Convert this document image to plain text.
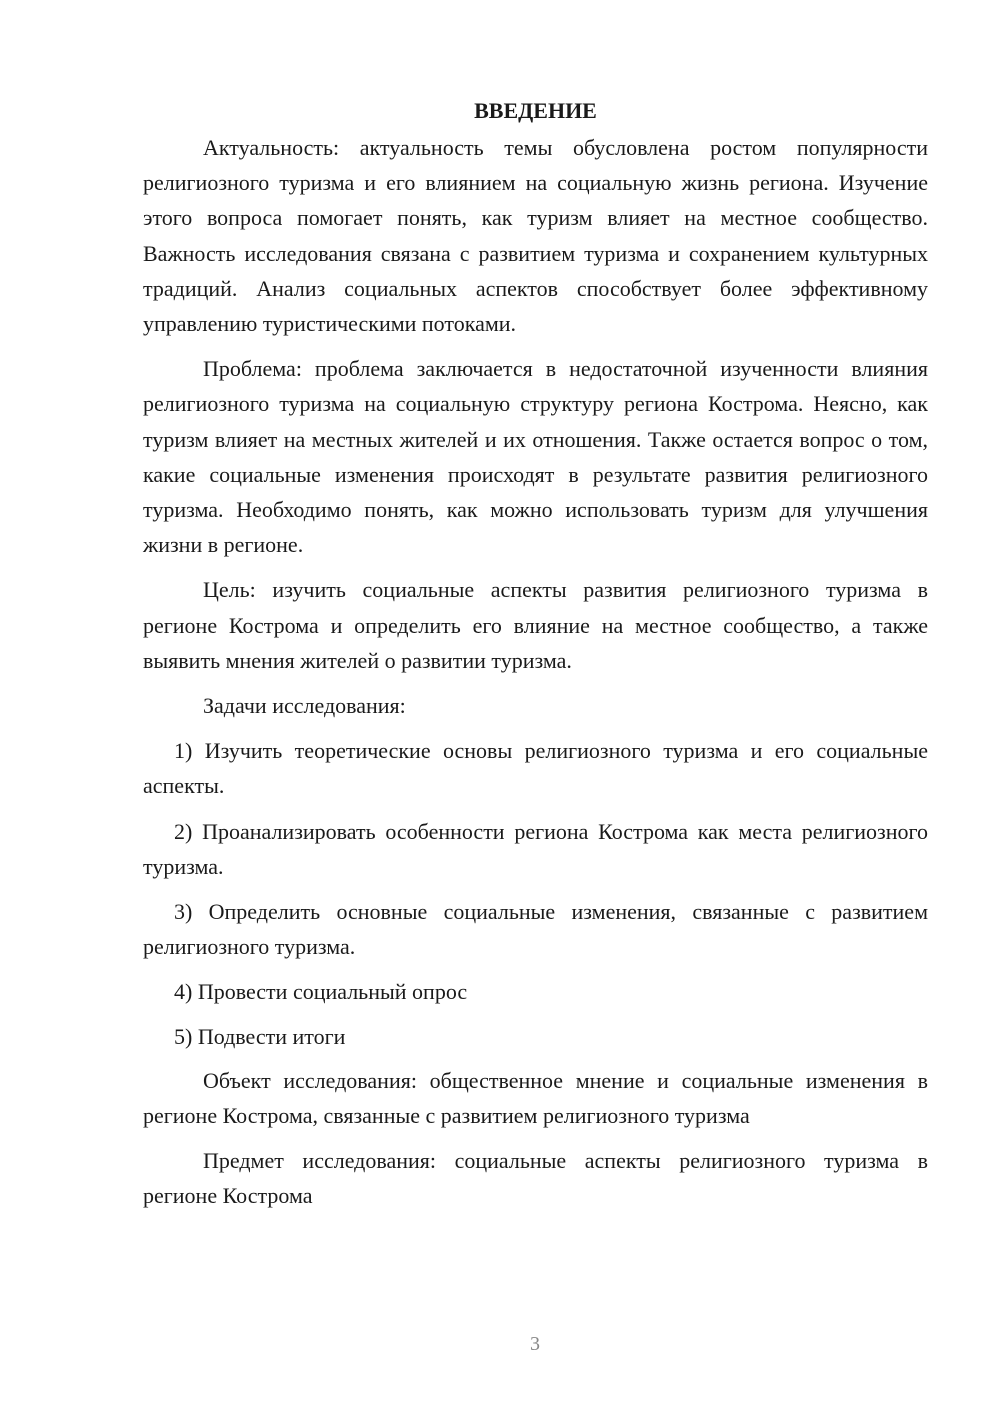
ВВЕДЕНИЕ

Актуальность: актуальность темы обусловлена ростом популярности религиозного туризма и его влиянием на социальную жизнь региона. Изучение этого вопроса помогает понять, как туризм влияет на местное сообщество. Важность исследования связана с развитием туризма и сохранением культурных традиций. Анализ социальных аспектов способствует более эффективному управлению туристическими потоками.

Проблема: проблема заключается в недостаточной изученности влияния религиозного туризма на социальную структуру региона Кострома. Неясно, как туризм влияет на местных жителей и их отношения. Также остается вопрос о том, какие социальные изменения происходят в результате развития религиозного туризма. Необходимо понять, как можно использовать туризм для улучшения жизни в регионе.

Цель: изучить социальные аспекты развития религиозного туризма в регионе Кострома и определить его влияние на местное сообщество, а также выявить мнения жителей о развитии туризма.

Задачи исследования:

1) Изучить теоретические основы религиозного туризма и его социальные аспекты.

2) Проанализировать особенности региона Кострома как места религиозного туризма.

3) Определить основные социальные изменения, связанные с развитием религиозного туризма.

4) Провести социальный опрос

5) Подвести итоги

Объект исследования: общественное мнение и социальные изменения в регионе Кострома, связанные с развитием религиозного туризма

Предмет исследования: социальные аспекты религиозного туризма в регионе Кострома

3
